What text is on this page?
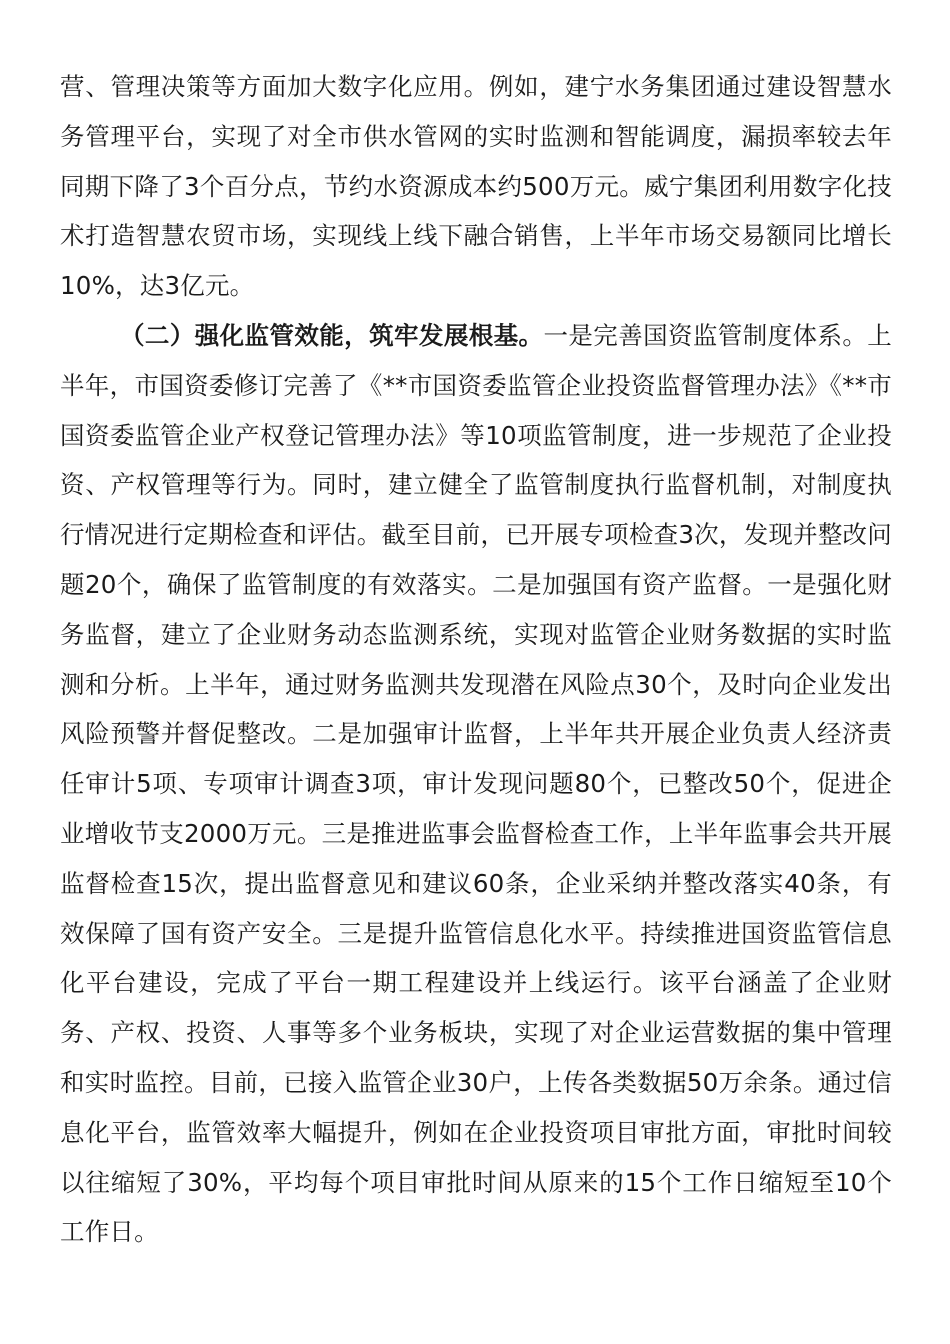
营、管理决策等方面加大数字化应用。例如，建宁水务集团通过建设智慧水务管理平台，实现了对全市供水管网的实时监测和智能调度，漏损率较去年同期下降了3个百分点，节约水资源成本约500万元。威宁集团利用数字化技术打造智慧农贸市场，实现线上线下融合销售，上半年市场交易额同比增长10%，达3亿元。

（二）强化监管效能，筑牢发展根基。一是完善国资监管制度体系。上半年，市国资委修订完善了《**市国资委监管企业投资监督管理办法》《**市国资委监管企业产权登记管理办法》等10项监管制度，进一步规范了企业投资、产权管理等行为。同时，建立健全了监管制度执行监督机制，对制度执行情况进行定期检查和评估。截至目前，已开展专项检查3次，发现并整改问题20个，确保了监管制度的有效落实。二是加强国有资产监督。一是强化财务监督，建立了企业财务动态监测系统，实现对监管企业财务数据的实时监测和分析。上半年，通过财务监测共发现潜在风险点30个，及时向企业发出风险预警并督促整改。二是加强审计监督，上半年共开展企业负责人经济责任审计5项、专项审计调查3项，审计发现问题80个，已整改50个，促进企业增收节支2000万元。三是推进监事会监督检查工作，上半年监事会共开展监督检查15次，提出监督意见和建议60条，企业采纳并整改落实40条，有效保障了国有资产安全。三是提升监管信息化水平。持续推进国资监管信息化平台建设，完成了平台一期工程建设并上线运行。该平台涵盖了企业财务、产权、投资、人事等多个业务板块，实现了对企业运营数据的集中管理和实时监控。目前，已接入监管企业30户，上传各类数据50万余条。通过信息化平台，监管效率大幅提升，例如在企业投资项目审批方面，审批时间较以往缩短了30%，平均每个项目审批时间从原来的15个工作日缩短至10个工作日。
